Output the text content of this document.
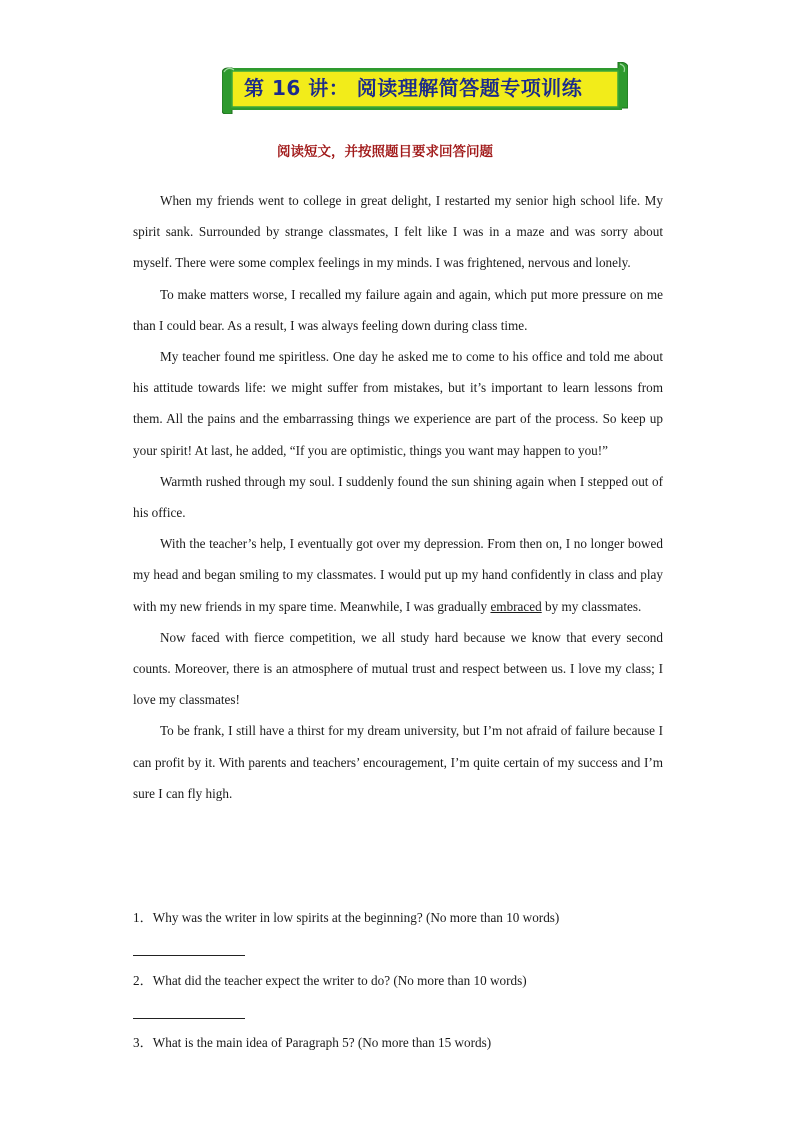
第 16 讲： 阅读理解简答题专项训练
阅读短文，并按照题目要求回答问题

When my friends went to college in great delight, I restarted my senior high school life. My spirit sank. Surrounded by strange classmates, I felt like I was in a maze and was sorry about myself. There were some complex feelings in my minds. I was frightened, nervous and lonely.

To make matters worse, I recalled my failure again and again, which put more pressure on me than I could bear. As a result, I was always feeling down during class time.

My teacher found me spiritless. One day he asked me to come to his office and told me about his attitude towards life: we might suffer from mistakes, but it’s important to learn lessons from them. All the pains and the embarrassing things we experience are part of the process. So keep up your spirit! At last, he added, “If you are optimistic, things you want may happen to you!”

Warmth rushed through my soul. I suddenly found the sun shining again when I stepped out of his office.

With the teacher’s help, I eventually got over my depression. From then on, I no longer bowed my head and began smiling to my classmates. I would put up my hand confidently in class and play with my new friends in my spare time. Meanwhile, I was gradually embraced by my classmates.

Now faced with fierce competition, we all study hard because we know that every second counts. Moreover, there is an atmosphere of mutual trust and respect between us. I love my class; I love my classmates!

To be frank, I still have a thirst for my dream university, but I’m not afraid of failure because I can profit by it. With parents and teachers’ encouragement, I’m quite certain of my success and I’m sure I can fly high.

1．Why was the writer in low spirits at the beginning? (No more than 10 words)
2．What did the teacher expect the writer to do? (No more than 10 words)
3．What is the main idea of Paragraph 5? (No more than 15 words)
